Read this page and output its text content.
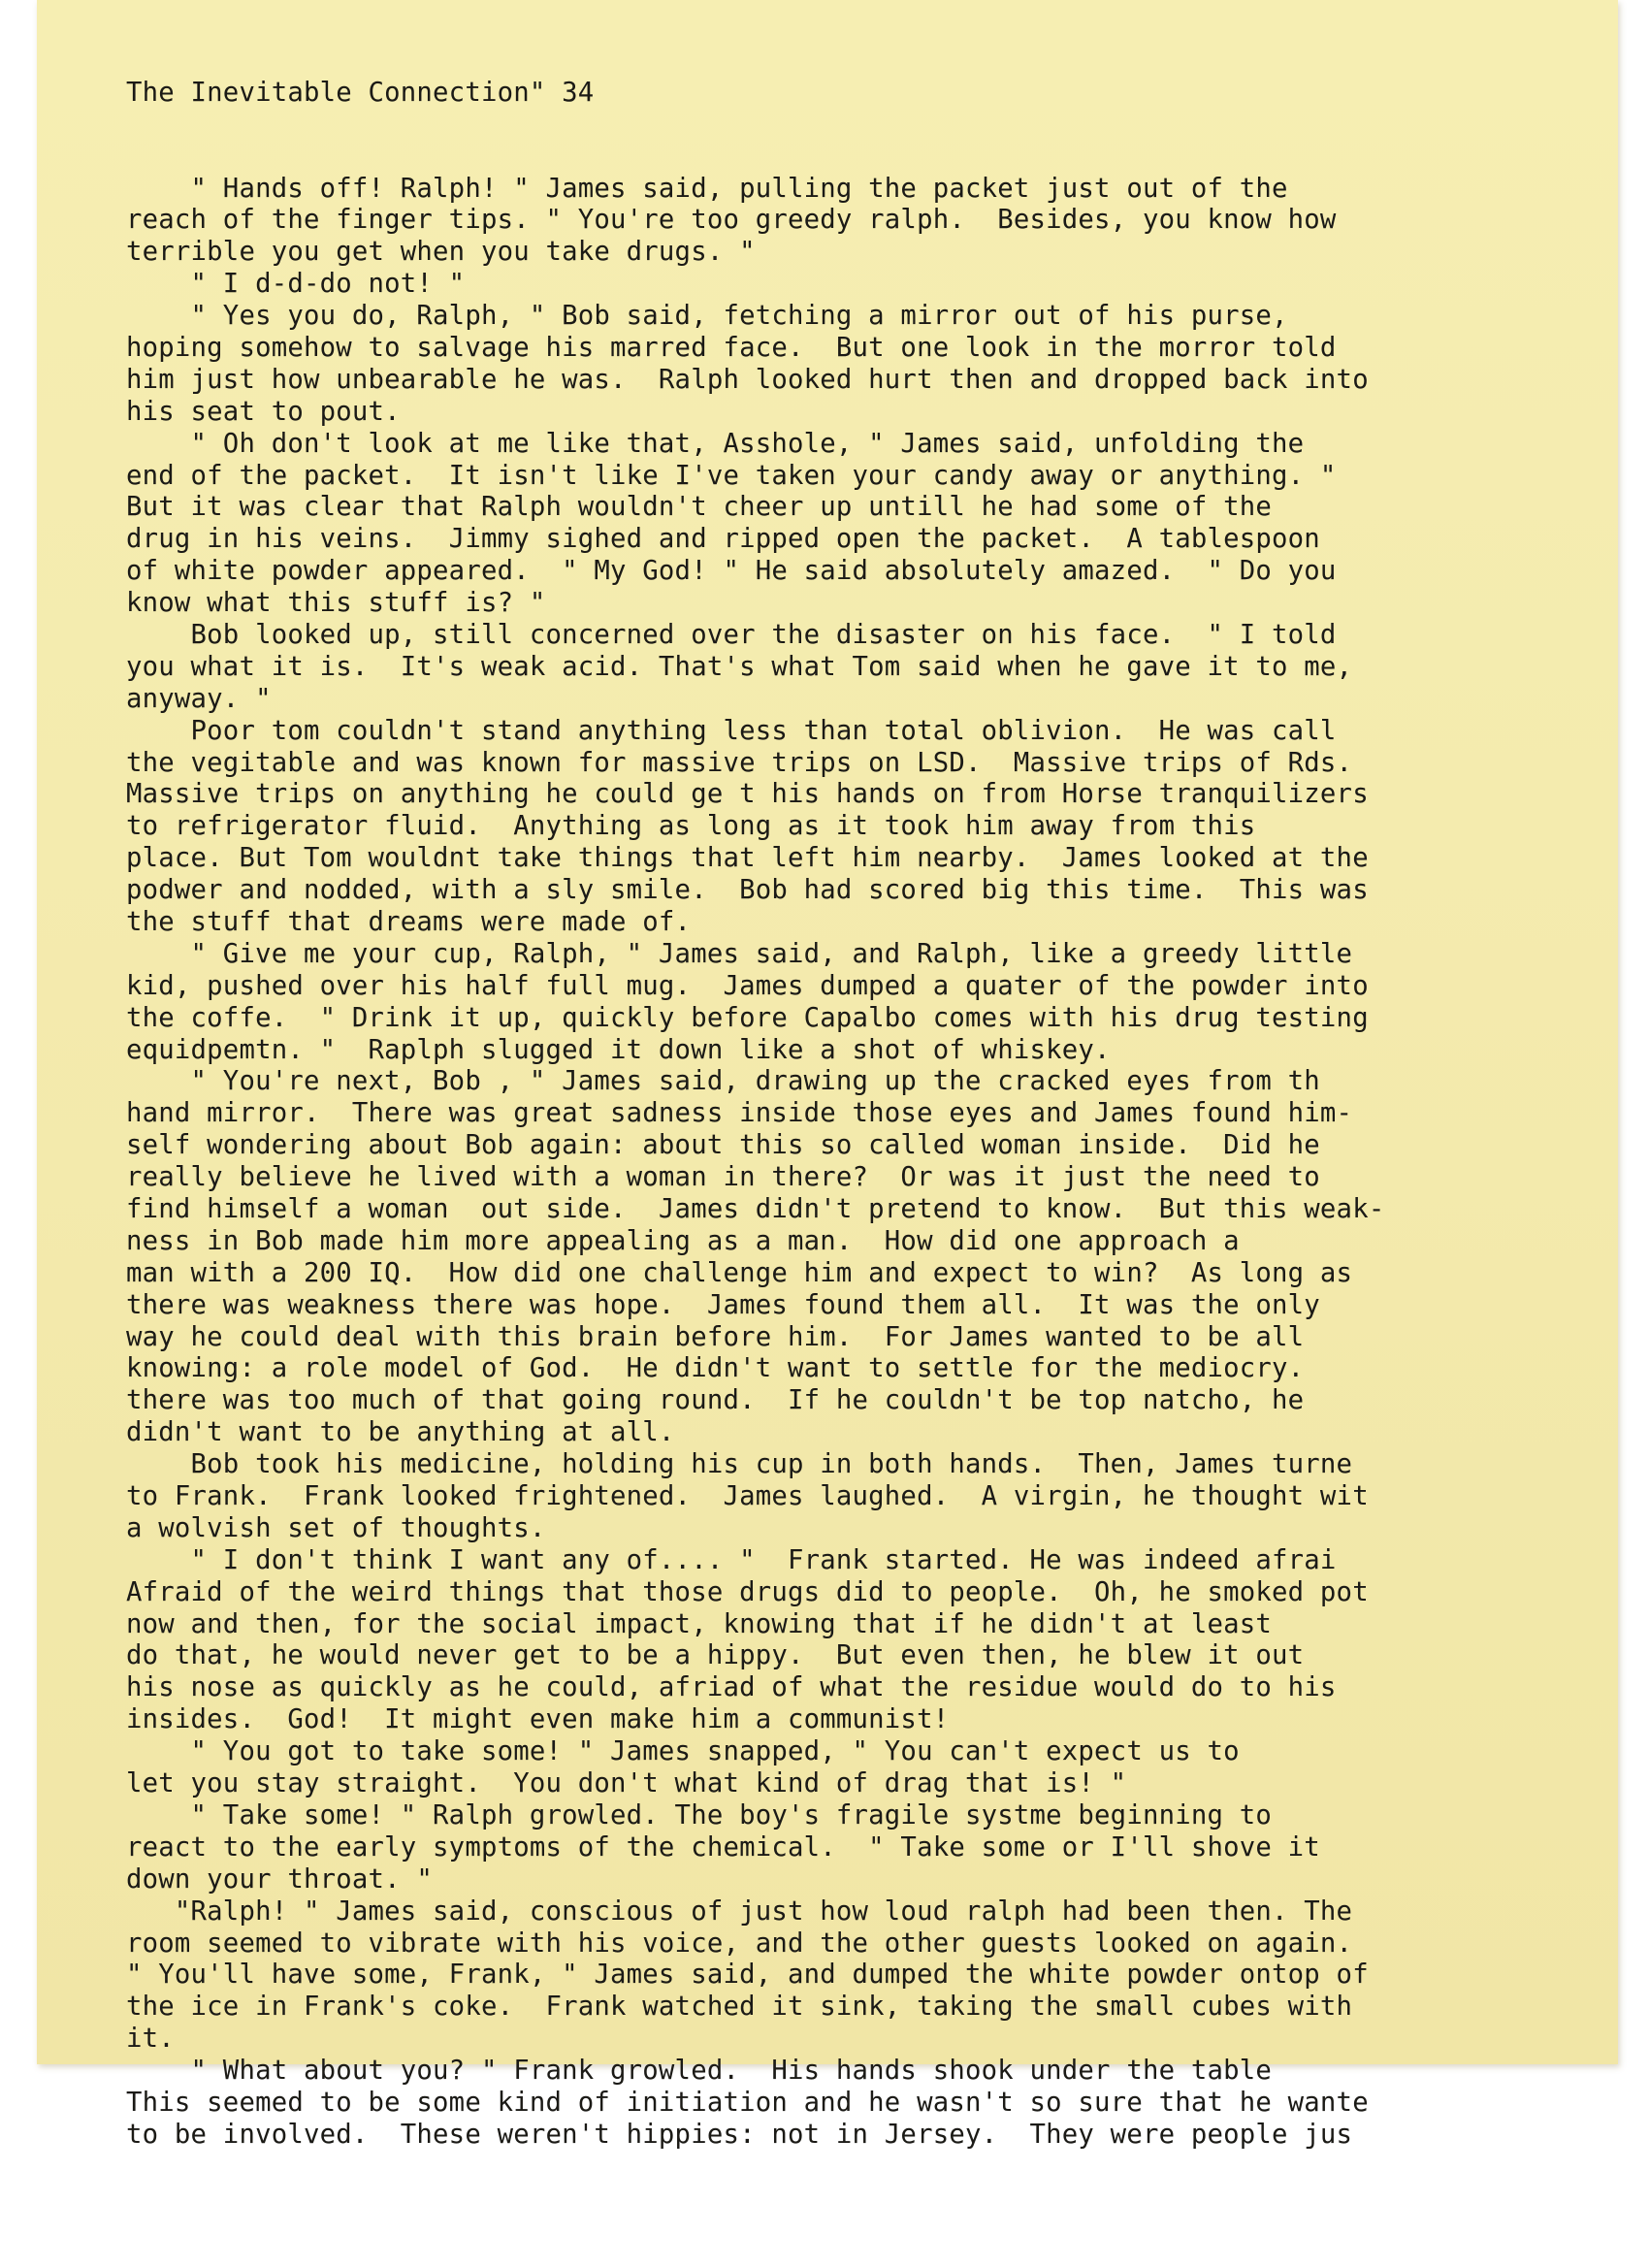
The Inevitable Connection" 34

" Hands off! Ralph! " James said, pulling the packet just out of the
reach of the finger tips. " You're too greedy ralph.  Besides, you know how
terrible you get when you take drugs. "
" I d-d-do not! "
" Yes you do, Ralph, " Bob said, fetching a mirror out of his purse,
hoping somehow to salvage his marred face.  But one look in the morror told
him just how unbearable he was.  Ralph looked hurt then and dropped back into
his seat to pout.
" Oh don't look at me like that, Asshole, " James said, unfolding the
end of the packet.  It isn't like I've taken your candy away or anything. "
But it was clear that Ralph wouldn't cheer up untill he had some of the
drug in his veins.  Jimmy sighed and ripped open the packet.  A tablespoon
of white powder appeared.  " My God! " He said absolutely amazed.  " Do you
know what this stuff is? "
Bob looked up, still concerned over the disaster on his face.  " I told
you what it is.  It's weak acid. That's what Tom said when he gave it to me,
anyway. "
Poor tom couldn't stand anything less than total oblivion.  He was call
the vegitable and was known for massive trips on LSD.  Massive trips of Rds.
Massive trips on anything he could ge t his hands on from Horse tranquilizers
to refrigerator fluid.  Anything as long as it took him away from this
place. But Tom wouldnt take things that left him nearby.  James looked at the
podwer and nodded, with a sly smile.  Bob had scored big this time.  This was
the stuff that dreams were made of.
" Give me your cup, Ralph, " James said, and Ralph, like a greedy little
kid, pushed over his half full mug.  James dumped a quater of the powder into
the coffe.  " Drink it up, quickly before Capalbo comes with his drug testing
equidpemtn. "  Raplph slugged it down like a shot of whiskey.
" You're next, Bob , " James said, drawing up the cracked eyes from th
hand mirror.  There was great sadness inside those eyes and James found him-
self wondering about Bob again: about this so called woman inside.  Did he
really believe he lived with a woman in there?  Or was it just the need to
find himself a woman  out side.  James didn't pretend to know.  But this weak-
ness in Bob made him more appealing as a man.  How did one approach a
man with a 200 IQ.  How did one challenge him and expect to win?  As long as
there was weakness there was hope.  James found them all.  It was the only
way he could deal with this brain before him.  For James wanted to be all
knowing: a role model of God.  He didn't want to settle for the mediocry.
there was too much of that going round.  If he couldn't be top natcho, he
didn't want to be anything at all.
Bob took his medicine, holding his cup in both hands.  Then, James turne
to Frank.  Frank looked frightened.  James laughed.  A virgin, he thought wit
a wolvish set of thoughts.
" I don't think I want any of.... "  Frank started. He was indeed afrai
Afraid of the weird things that those drugs did to people.  Oh, he smoked pot
now and then, for the social impact, knowing that if he didn't at least
do that, he would never get to be a hippy.  But even then, he blew it out
his nose as quickly as he could, afriad of what the residue would do to his
insides.  God!  It might even make him a communist!
" You got to take some! " James snapped, " You can't expect us to
let you stay straight.  You don't what kind of drag that is! "
" Take some! " Ralph growled. The boy's fragile systme beginning to
react to the early symptoms of the chemical.  " Take some or I'll shove it
down your throat. "
"Ralph! " James said, conscious of just how loud ralph had been then. The
room seemed to vibrate with his voice, and the other guests looked on again.
" You'll have some, Frank, " James said, and dumped the white powder ontop of
the ice in Frank's coke.  Frank watched it sink, taking the small cubes with
it.
" What about you? " Frank growled.  His hands shook under the table
This seemed to be some kind of initiation and he wasn't so sure that he wante
to be involved.  These weren't hippies: not in Jersey.  They were people jus
